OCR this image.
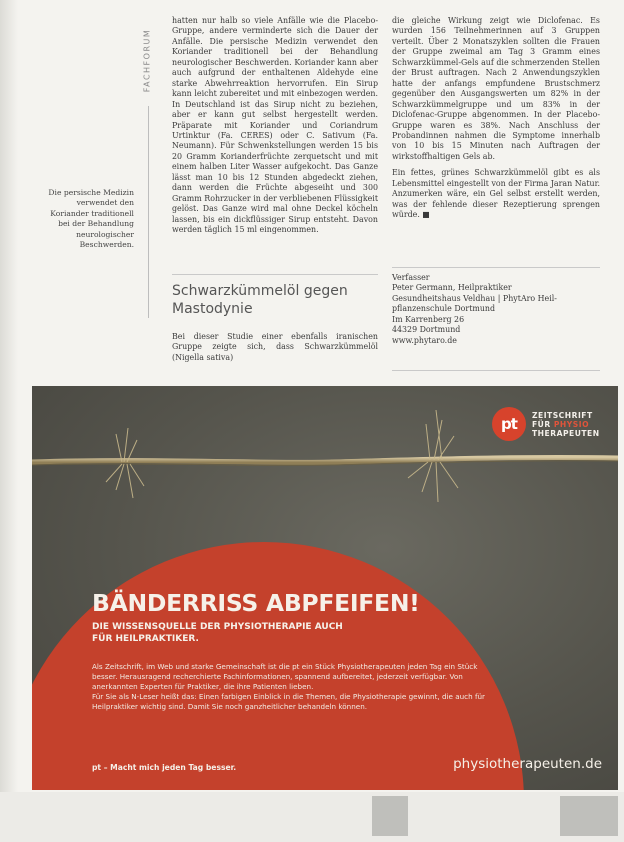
FACHFORUM
Die persische Medizin verwendet den Koriander traditionell bei der Behandlung neurologischer Beschwerden.

hatten nur halb so viele Anfälle wie die Placebo-Gruppe, andere verminderte sich die Dauer der Anfälle. Die persische Medizin verwendet den Koriander traditionell bei der Behandlung neurologischer Beschwerden. Koriander kann aber auch aufgrund der enthaltenen Aldehyde eine starke Abwehrreaktion hervorrufen. Ein Sirup kann leicht zubereitet und mit einbezogen werden. In Deutschland ist das Sirup nicht zu beziehen, aber er kann gut selbst hergestellt werden. Präparate mit Koriander und Coriandrum Urtinktur (Fa. CERES) oder C. Sativum (Fa. Neumann). Für Schwenkstellungen werden 15 bis 20 Gramm Korianderfrüchte zerquetscht und mit einem halben Liter Wasser aufgekocht. Das Ganze lässt man 10 bis 12 Stunden abgedeckt ziehen, dann werden die Früchte abgeseiht und 300 Gramm Rohrzucker in der verbliebenen Flüssigkeit gelöst. Das Ganze wird mal ohne Deckel köcheln lassen, bis ein dickflüssiger Sirup entsteht. Davon werden täglich 15 ml eingenommen.

Schwarzkümmelöl gegen Mastodynie
Bei dieser Studie einer ebenfalls iranischen Gruppe zeigte sich, dass Schwarzkümmelöl (Nigella sativa)

die gleiche Wirkung zeigt wie Diclofenac. Es wurden 156 Teilnehmerinnen auf 3 Gruppen verteilt. Über 2 Monatszyklen sollten die Frauen der Gruppe zweimal am Tag 3 Gramm eines Schwarzkümmel-Gels auf die schmerzenden Stellen der Brust auftragen. Nach 2 Anwendungszyklen hatte der anfangs empfundene Brustschmerz gegenüber den Ausgangswerten um 82% in der Schwarzkümmelgruppe und um 83% in der Diclofenac-Gruppe abgenommen. In der Placebo-Gruppe waren es 38%. Nach Anschluss der Probandinnen nahmen die Symptome innerhalb von 10 bis 15 Minuten nach Auftragen der wirkstoffhaltigen Gels ab.

Ein fettes, grünes Schwarzkümmelöl gibt es als Lebensmittel eingestellt von der Firma Jaran Natur. Anzumerken wäre, ein Gel selbst erstellt werden, was der fehlende dieser Rezeptierung sprengen würde. ■

Verfasser
Peter Germann, Heilpraktiker
Gesundheitshaus Veldhau | PhytAro Heil-
pflanzenschule Dortmund
Im Karrenberg 26
44329 Dortmund
www.phytaro.de
pt	ZEITSCHRIFT
FÜR PHYSIO
THERAPEUTEN
BÄNDERRISS ABPFEIFEN!
DIE WISSENSQUELLE DER PHYSIOTHERAPIE AUCH
FÜR HEILPRAKTIKER.

Als Zeitschrift, im Web und starke Gemeinschaft ist die pt ein Stück Physiotherapeuten jeden Tag ein Stück besser. Herausragend recherchierte Fachinformationen, spannend aufbereitet, jederzeit verfügbar. Von anerkannten Experten für Praktiker, die ihre Patienten lieben.

Für Sie als N-Leser heißt das: Einen farbigen Einblick in die Themen, die Physiotherapie gewinnt, die auch für Heilpraktiker wichtig sind. Damit Sie noch ganzheitlicher behandeln können.

pt – Macht mich jeden Tag besser.	physiotherapeuten.de
